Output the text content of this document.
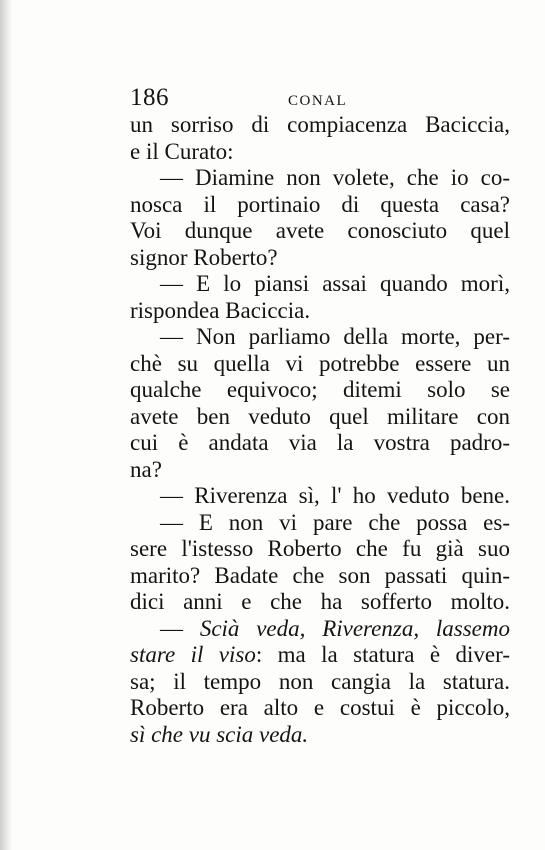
186	CONAL
un sorriso di compiacenza Baciccia,
e il Curato:
— Diamine non volete, che io co-
nosca il portinaio di questa casa?
Voi dunque avete conosciuto quel
signor Roberto?
— E lo piansi assai quando morì,
rispondea Baciccia.
— Non parliamo della morte, per-
chè su quella vi potrebbe essere un
qualche equivoco; ditemi solo se
avete ben veduto quel militare con
cui è andata via la vostra padro-
na?
— Riverenza sì, l' ho veduto bene.
— E non vi pare che possa es-
sere l'istesso Roberto che fu già suo
marito? Badate che son passati quin-
dici anni e che ha sofferto molto.
— Scià veda, Riverenza, lassemo
stare il viso: ma la statura è diver-
sa; il tempo non cangia la statura.
Roberto era alto e costui è piccolo,
sì che vu scia veda.
